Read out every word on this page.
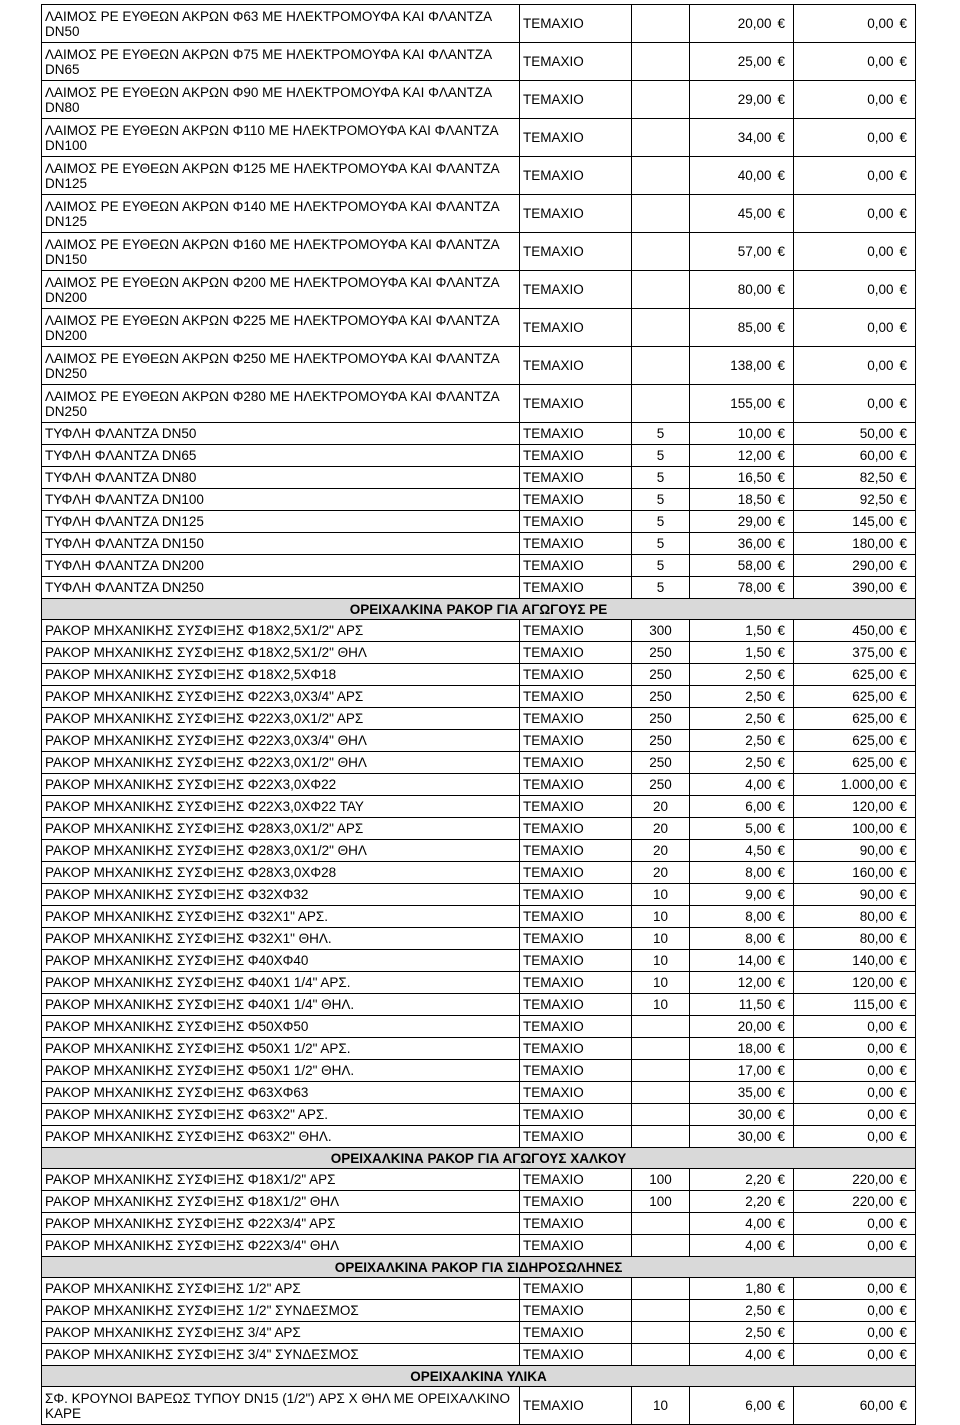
ΛΑΙΜΟΣ ΡΕ ΕΥΘΕΩΝ ΑΚΡΩΝ Φ63 ΜΕ ΗΛΕΚΤΡΟΜΟΥΦΑ ΚΑΙ ΦΛΑΝΤΖΑ DN50	ΤΕΜΑΧΙΟ		20,00 €	0,00 €
ΛΑΙΜΟΣ ΡΕ ΕΥΘΕΩΝ ΑΚΡΩΝ Φ75 ΜΕ ΗΛΕΚΤΡΟΜΟΥΦΑ ΚΑΙ ΦΛΑΝΤΖΑ DN65	ΤΕΜΑΧΙΟ		25,00 €	0,00 €
ΛΑΙΜΟΣ ΡΕ ΕΥΘΕΩΝ ΑΚΡΩΝ Φ90 ΜΕ ΗΛΕΚΤΡΟΜΟΥΦΑ ΚΑΙ ΦΛΑΝΤΖΑ DN80	ΤΕΜΑΧΙΟ		29,00 €	0,00 €
ΛΑΙΜΟΣ ΡΕ ΕΥΘΕΩΝ ΑΚΡΩΝ Φ110 ΜΕ ΗΛΕΚΤΡΟΜΟΥΦΑ ΚΑΙ ΦΛΑΝΤΖΑ DN100	ΤΕΜΑΧΙΟ		34,00 €	0,00 €
ΛΑΙΜΟΣ ΡΕ ΕΥΘΕΩΝ ΑΚΡΩΝ Φ125 ΜΕ ΗΛΕΚΤΡΟΜΟΥΦΑ ΚΑΙ ΦΛΑΝΤΖΑ DN125	ΤΕΜΑΧΙΟ		40,00 €	0,00 €
ΛΑΙΜΟΣ ΡΕ ΕΥΘΕΩΝ ΑΚΡΩΝ Φ140 ΜΕ ΗΛΕΚΤΡΟΜΟΥΦΑ ΚΑΙ ΦΛΑΝΤΖΑ DN125	ΤΕΜΑΧΙΟ		45,00 €	0,00 €
ΛΑΙΜΟΣ ΡΕ ΕΥΘΕΩΝ ΑΚΡΩΝ Φ160 ΜΕ ΗΛΕΚΤΡΟΜΟΥΦΑ ΚΑΙ ΦΛΑΝΤΖΑ DN150	ΤΕΜΑΧΙΟ		57,00 €	0,00 €
ΛΑΙΜΟΣ ΡΕ ΕΥΘΕΩΝ ΑΚΡΩΝ Φ200 ΜΕ ΗΛΕΚΤΡΟΜΟΥΦΑ ΚΑΙ ΦΛΑΝΤΖΑ DN200	ΤΕΜΑΧΙΟ		80,00 €	0,00 €
ΛΑΙΜΟΣ ΡΕ ΕΥΘΕΩΝ ΑΚΡΩΝ Φ225 ΜΕ ΗΛΕΚΤΡΟΜΟΥΦΑ ΚΑΙ ΦΛΑΝΤΖΑ DN200	ΤΕΜΑΧΙΟ		85,00 €	0,00 €
ΛΑΙΜΟΣ ΡΕ ΕΥΘΕΩΝ ΑΚΡΩΝ Φ250 ΜΕ ΗΛΕΚΤΡΟΜΟΥΦΑ ΚΑΙ ΦΛΑΝΤΖΑ DN250	ΤΕΜΑΧΙΟ		138,00 €	0,00 €
ΛΑΙΜΟΣ ΡΕ ΕΥΘΕΩΝ ΑΚΡΩΝ Φ280 ΜΕ ΗΛΕΚΤΡΟΜΟΥΦΑ ΚΑΙ ΦΛΑΝΤΖΑ DN250	ΤΕΜΑΧΙΟ		155,00 €	0,00 €
ΤΥΦΛΗ ΦΛΑΝΤΖΑ DN50	ΤΕΜΑΧΙΟ	5	10,00 €	50,00 €
ΤΥΦΛΗ ΦΛΑΝΤΖΑ DN65	ΤΕΜΑΧΙΟ	5	12,00 €	60,00 €
ΤΥΦΛΗ ΦΛΑΝΤΖΑ DN80	ΤΕΜΑΧΙΟ	5	16,50 €	82,50 €
ΤΥΦΛΗ ΦΛΑΝΤΖΑ DN100	ΤΕΜΑΧΙΟ	5	18,50 €	92,50 €
ΤΥΦΛΗ ΦΛΑΝΤΖΑ DN125	ΤΕΜΑΧΙΟ	5	29,00 €	145,00 €
ΤΥΦΛΗ ΦΛΑΝΤΖΑ DN150	ΤΕΜΑΧΙΟ	5	36,00 €	180,00 €
ΤΥΦΛΗ ΦΛΑΝΤΖΑ DN200	ΤΕΜΑΧΙΟ	5	58,00 €	290,00 €
ΤΥΦΛΗ ΦΛΑΝΤΖΑ DN250	ΤΕΜΑΧΙΟ	5	78,00 €	390,00 €
ΟΡΕΙΧΑΛΚΙΝΑ ΡΑΚΟΡ ΓΙΑ ΑΓΩΓΟΥΣ ΡΕ				
ΡΑΚΟΡ ΜΗΧΑΝΙΚΗΣ ΣΥΣΦΙΞΗΣ Φ18Χ2,5Χ1/2" ΑΡΣ	ΤΕΜΑΧΙΟ	300	1,50 €	450,00 €
ΡΑΚΟΡ ΜΗΧΑΝΙΚΗΣ ΣΥΣΦΙΞΗΣ Φ18Χ2,5Χ1/2" ΘΗΛ	ΤΕΜΑΧΙΟ	250	1,50 €	375,00 €
ΡΑΚΟΡ ΜΗΧΑΝΙΚΗΣ ΣΥΣΦΙΞΗΣ Φ18Χ2,5ΧΦ18	ΤΕΜΑΧΙΟ	250	2,50 €	625,00 €
ΡΑΚΟΡ ΜΗΧΑΝΙΚΗΣ ΣΥΣΦΙΞΗΣ Φ22Χ3,0Χ3/4" ΑΡΣ	ΤΕΜΑΧΙΟ	250	2,50 €	625,00 €
ΡΑΚΟΡ ΜΗΧΑΝΙΚΗΣ ΣΥΣΦΙΞΗΣ Φ22Χ3,0Χ1/2" ΑΡΣ	ΤΕΜΑΧΙΟ	250	2,50 €	625,00 €
ΡΑΚΟΡ ΜΗΧΑΝΙΚΗΣ ΣΥΣΦΙΞΗΣ Φ22Χ3,0Χ3/4" ΘΗΛ	ΤΕΜΑΧΙΟ	250	2,50 €	625,00 €
ΡΑΚΟΡ ΜΗΧΑΝΙΚΗΣ ΣΥΣΦΙΞΗΣ Φ22Χ3,0Χ1/2" ΘΗΛ	ΤΕΜΑΧΙΟ	250	2,50 €	625,00 €
ΡΑΚΟΡ ΜΗΧΑΝΙΚΗΣ ΣΥΣΦΙΞΗΣ Φ22Χ3,0ΧΦ22	ΤΕΜΑΧΙΟ	250	4,00 €	1.000,00 €
ΡΑΚΟΡ ΜΗΧΑΝΙΚΗΣ ΣΥΣΦΙΞΗΣ Φ22Χ3,0ΧΦ22 ΤΑΥ	ΤΕΜΑΧΙΟ	20	6,00 €	120,00 €
ΡΑΚΟΡ ΜΗΧΑΝΙΚΗΣ ΣΥΣΦΙΞΗΣ Φ28Χ3,0Χ1/2" ΑΡΣ	ΤΕΜΑΧΙΟ	20	5,00 €	100,00 €
ΡΑΚΟΡ ΜΗΧΑΝΙΚΗΣ ΣΥΣΦΙΞΗΣ Φ28Χ3,0Χ1/2" ΘΗΛ	ΤΕΜΑΧΙΟ	20	4,50 €	90,00 €
ΡΑΚΟΡ ΜΗΧΑΝΙΚΗΣ ΣΥΣΦΙΞΗΣ Φ28Χ3,0ΧΦ28	ΤΕΜΑΧΙΟ	20	8,00 €	160,00 €
ΡΑΚΟΡ ΜΗΧΑΝΙΚΗΣ ΣΥΣΦΙΞΗΣ Φ32ΧΦ32	ΤΕΜΑΧΙΟ	10	9,00 €	90,00 €
ΡΑΚΟΡ ΜΗΧΑΝΙΚΗΣ ΣΥΣΦΙΞΗΣ Φ32Χ1" ΑΡΣ.	ΤΕΜΑΧΙΟ	10	8,00 €	80,00 €
ΡΑΚΟΡ ΜΗΧΑΝΙΚΗΣ ΣΥΣΦΙΞΗΣ Φ32Χ1" ΘΗΛ.	ΤΕΜΑΧΙΟ	10	8,00 €	80,00 €
ΡΑΚΟΡ ΜΗΧΑΝΙΚΗΣ ΣΥΣΦΙΞΗΣ Φ40ΧΦ40	ΤΕΜΑΧΙΟ	10	14,00 €	140,00 €
ΡΑΚΟΡ ΜΗΧΑΝΙΚΗΣ ΣΥΣΦΙΞΗΣ Φ40Χ1 1/4" ΑΡΣ.	ΤΕΜΑΧΙΟ	10	12,00 €	120,00 €
ΡΑΚΟΡ ΜΗΧΑΝΙΚΗΣ ΣΥΣΦΙΞΗΣ Φ40Χ1 1/4" ΘΗΛ.	ΤΕΜΑΧΙΟ	10	11,50 €	115,00 €
ΡΑΚΟΡ ΜΗΧΑΝΙΚΗΣ ΣΥΣΦΙΞΗΣ Φ50ΧΦ50	ΤΕΜΑΧΙΟ		20,00 €	0,00 €
ΡΑΚΟΡ ΜΗΧΑΝΙΚΗΣ ΣΥΣΦΙΞΗΣ Φ50Χ1 1/2" ΑΡΣ.	ΤΕΜΑΧΙΟ		18,00 €	0,00 €
ΡΑΚΟΡ ΜΗΧΑΝΙΚΗΣ ΣΥΣΦΙΞΗΣ Φ50Χ1 1/2" ΘΗΛ.	ΤΕΜΑΧΙΟ		17,00 €	0,00 €
ΡΑΚΟΡ ΜΗΧΑΝΙΚΗΣ ΣΥΣΦΙΞΗΣ Φ63ΧΦ63	ΤΕΜΑΧΙΟ		35,00 €	0,00 €
ΡΑΚΟΡ ΜΗΧΑΝΙΚΗΣ ΣΥΣΦΙΞΗΣ Φ63Χ2" ΑΡΣ.	ΤΕΜΑΧΙΟ		30,00 €	0,00 €
ΡΑΚΟΡ ΜΗΧΑΝΙΚΗΣ ΣΥΣΦΙΞΗΣ Φ63Χ2" ΘΗΛ.	ΤΕΜΑΧΙΟ		30,00 €	0,00 €
ΟΡΕΙΧΑΛΚΙΝΑ ΡΑΚΟΡ ΓΙΑ ΑΓΩΓΟΥΣ ΧΑΛΚΟΥ				
ΡΑΚΟΡ ΜΗΧΑΝΙΚΗΣ ΣΥΣΦΙΞΗΣ Φ18Χ1/2" ΑΡΣ	ΤΕΜΑΧΙΟ	100	2,20 €	220,00 €
ΡΑΚΟΡ ΜΗΧΑΝΙΚΗΣ ΣΥΣΦΙΞΗΣ Φ18Χ1/2" ΘΗΛ	ΤΕΜΑΧΙΟ	100	2,20 €	220,00 €
ΡΑΚΟΡ ΜΗΧΑΝΙΚΗΣ ΣΥΣΦΙΞΗΣ Φ22Χ3/4" ΑΡΣ	ΤΕΜΑΧΙΟ		4,00 €	0,00 €
ΡΑΚΟΡ ΜΗΧΑΝΙΚΗΣ ΣΥΣΦΙΞΗΣ Φ22Χ3/4" ΘΗΛ	ΤΕΜΑΧΙΟ		4,00 €	0,00 €
ΟΡΕΙΧΑΛΚΙΝΑ ΡΑΚΟΡ ΓΙΑ ΣΙΔΗΡΟΣΩΛΗΝΕΣ				
ΡΑΚΟΡ ΜΗΧΑΝΙΚΗΣ ΣΥΣΦΙΞΗΣ 1/2" ΑΡΣ	ΤΕΜΑΧΙΟ		1,80 €	0,00 €
ΡΑΚΟΡ ΜΗΧΑΝΙΚΗΣ ΣΥΣΦΙΞΗΣ 1/2" ΣΥΝΔΕΣΜΟΣ	ΤΕΜΑΧΙΟ		2,50 €	0,00 €
ΡΑΚΟΡ ΜΗΧΑΝΙΚΗΣ ΣΥΣΦΙΞΗΣ 3/4" ΑΡΣ	ΤΕΜΑΧΙΟ		2,50 €	0,00 €
ΡΑΚΟΡ ΜΗΧΑΝΙΚΗΣ ΣΥΣΦΙΞΗΣ 3/4" ΣΥΝΔΕΣΜΟΣ	ΤΕΜΑΧΙΟ		4,00 €	0,00 €
ΟΡΕΙΧΑΛΚΙΝΑ ΥΛΙΚΑ				
ΣΦ. ΚΡΟΥΝΟΙ ΒΑΡΕΩΣ ΤΥΠΟΥ DN15 (1/2") ΑΡΣ Χ ΘΗΛ ΜΕ ΟΡΕΙΧΑΛΚΙΝΟ ΚΑΡΕ	ΤΕΜΑΧΙΟ	10	6,00 €	60,00 €
